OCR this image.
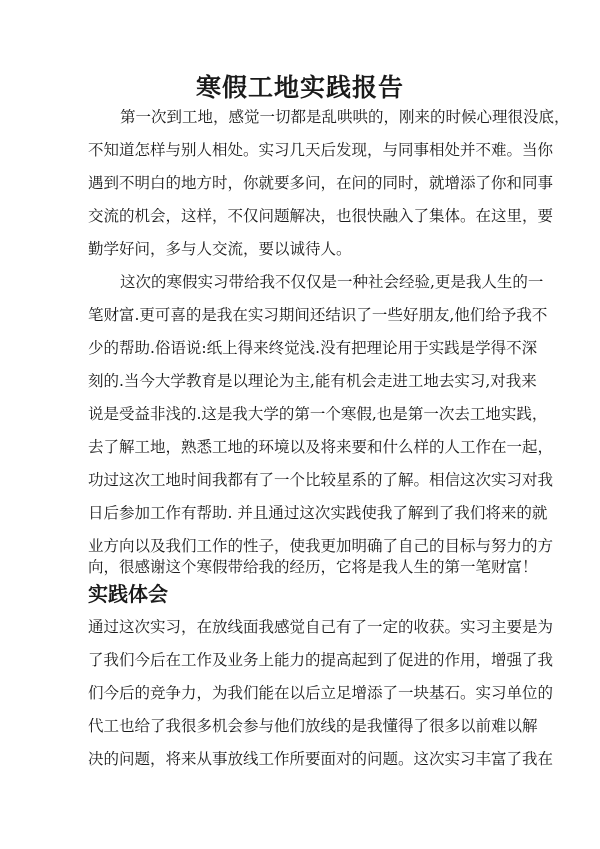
寒假工地实践报告
第一次到工地，感觉一切都是乱哄哄的，刚来的时候心理很没底，
不知道怎样与别人相处。实习几天后发现，与同事相处并不难。当你
遇到不明白的地方时，你就要多问，在问的同时，就增添了你和同事
交流的机会，这样，不仅问题解决，也很快融入了集体。在这里，要
勤学好问，多与人交流，要以诚待人。
这次的寒假实习带给我不仅仅是一种社会经验,更是我人生的一
笔财富.更可喜的是我在实习期间还结识了一些好朋友,他们给予我不
少的帮助.俗语说:纸上得来终觉浅.没有把理论用于实践是学得不深
刻的.当今大学教育是以理论为主,能有机会走进工地去实习,对我来
说是受益非浅的.这是我大学的第一个寒假,也是第一次去工地实践，
去了解工地，熟悉工地的环境以及将来要和什么样的人工作在一起，
功过这次工地时间我都有了一个比较星系的了解。相信这次实习对我
日后参加工作有帮助. 并且通过这次实践使我了解到了我们将来的就
业方向以及我们工作的性子，使我更加明确了自己的目标与努力的方
向，很感谢这个寒假带给我的经历，它将是我人生的第一笔财富！
实践体会
通过这次实习，在放线面我感觉自己有了一定的收获。实习主要是为
了我们今后在工作及业务上能力的提高起到了促进的作用，增强了我
们今后的竞争力，为我们能在以后立足增添了一块基石。实习单位的
代工也给了我很多机会参与他们放线的是我懂得了很多以前难以解
决的问题，将来从事放线工作所要面对的问题。这次实习丰富了我在
